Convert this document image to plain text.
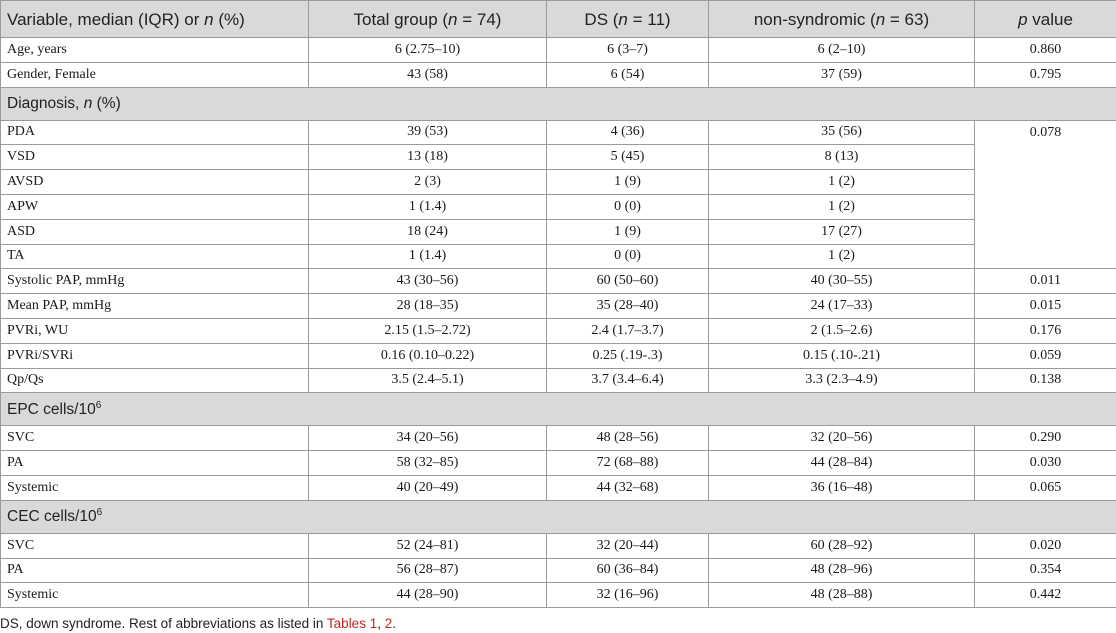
Variable, median (IQR) or n (%)	Total group (n = 74)	DS (n = 11)	non-syndromic (n = 63)	p value
Age, years	6 (2.75–10)	6 (3–7)	6 (2–10)	0.860
Gender, Female	43 (58)	6 (54)	37 (59)	0.795
Diagnosis, n (%)				
PDA	39 (53)	4 (36)	35 (56)	0.078
VSD	13 (18)	5 (45)	8 (13)	
AVSD	2 (3)	1 (9)	1 (2)	
APW	1 (1.4)	0 (0)	1 (2)	
ASD	18 (24)	1 (9)	17 (27)	
TA	1 (1.4)	0 (0)	1 (2)	
Systolic PAP, mmHg	43 (30–56)	60 (50–60)	40 (30–55)	0.011
Mean PAP, mmHg	28 (18–35)	35 (28–40)	24 (17–33)	0.015
PVRi, WU	2.15 (1.5–2.72)	2.4 (1.7–3.7)	2 (1.5–2.6)	0.176
PVRi/SVRi	0.16 (0.10–0.22)	0.25 (.19-.3)	0.15 (.10-.21)	0.059
Qp/Qs	3.5 (2.4–5.1)	3.7 (3.4–6.4)	3.3 (2.3–4.9)	0.138
EPC cells/$10^6$
SVC	34 (20–56)	48 (28–56)	32 (20–56)	0.290
PA	58 (32–85)	72 (68–88)	44 (28–84)	0.030
Systemic	40 (20–49)	44 (32–68)	36 (16–48)	0.065
CEC cells/$10^6$
SVC	52 (24–81)	32 (20–44)	60 (28–92)	0.020
PA	56 (28–87)	60 (36–84)	48 (28–96)	0.354
Systemic	44 (28–90)	32 (16–96)	48 (28–88)	0.442
DS, down syndrome. Rest of abbreviations as listed in Tables 1, 2.
